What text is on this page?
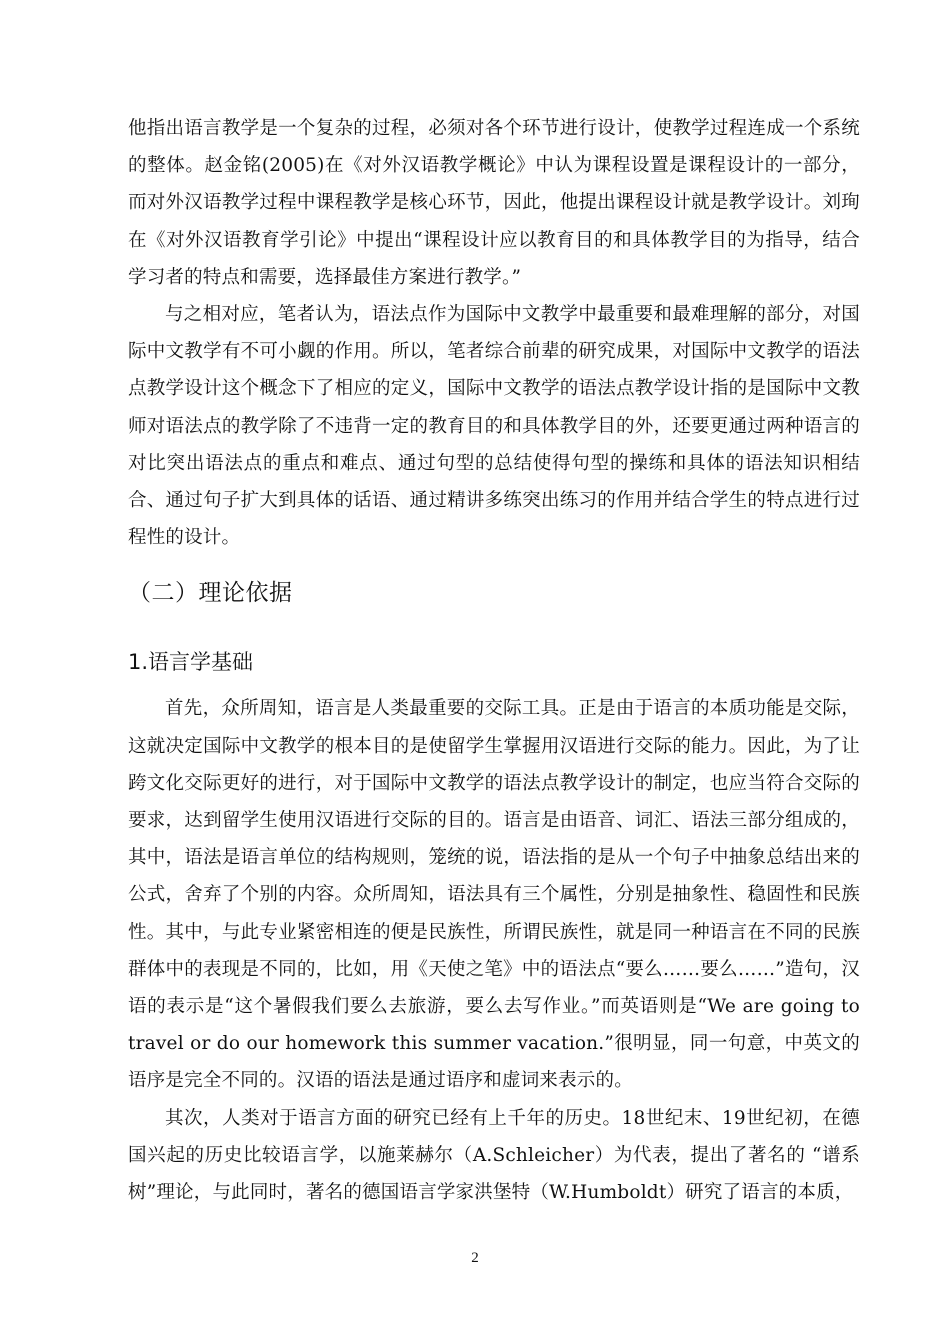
他指出语言教学是一个复杂的过程，必须对各个环节进行设计，使教学过程连成一个系统的整体。赵金铭(2005)在《对外汉语教学概论》中认为课程设置是课程设计的一部分，而对外汉语教学过程中课程教学是核心环节，因此，他提出课程设计就是教学设计。刘珣在《对外汉语教育学引论》中提出“课程设计应以教育目的和具体教学目的为指导，结合学习者的特点和需要，选择最佳方案进行教学。”

与之相对应，笔者认为，语法点作为国际中文教学中最重要和最难理解的部分，对国际中文教学有不可小觑的作用。所以，笔者综合前辈的研究成果，对国际中文教学的语法点教学设计这个概念下了相应的定义，国际中文教学的语法点教学设计指的是国际中文教师对语法点的教学除了不违背一定的教育目的和具体教学目的外，还要更通过两种语言的对比突出语法点的重点和难点、通过句型的总结使得句型的操练和具体的语法知识相结合、通过句子扩大到具体的话语、通过精讲多练突出练习的作用并结合学生的特点进行过程性的设计。

（二）理论依据
1.语言学基础

首先，众所周知，语言是人类最重要的交际工具。正是由于语言的本质功能是交际，这就决定国际中文教学的根本目的是使留学生掌握用汉语进行交际的能力。因此，为了让跨文化交际更好的进行，对于国际中文教学的语法点教学设计的制定，也应当符合交际的要求，达到留学生使用汉语进行交际的目的。语言是由语音、词汇、语法三部分组成的，其中，语法是语言单位的结构规则，笼统的说，语法指的是从一个句子中抽象总结出来的公式，舍弃了个别的内容。众所周知，语法具有三个属性，分别是抽象性、稳固性和民族性。其中，与此专业紧密相连的便是民族性，所谓民族性，就是同一种语言在不同的民族群体中的表现是不同的，比如，用《天使之笔》中的语法点“要么……要么……”造句，汉语的表示是“这个暑假我们要么去旅游，要么去写作业。”而英语则是“We are going to travel or do our homework this summer vacation.”很明显，同一句意，中英文的语序是完全不同的。汉语的语法是通过语序和虚词来表示的。

其次，人类对于语言方面的研究已经有上千年的历史。18世纪末、19世纪初，在德国兴起的历史比较语言学，以施莱赫尔（A.Schleicher）为代表，提出了著名的 “谱系树”理论，与此同时，著名的德国语言学家洪堡特（W.Humboldt）研究了语言的本质，

2
